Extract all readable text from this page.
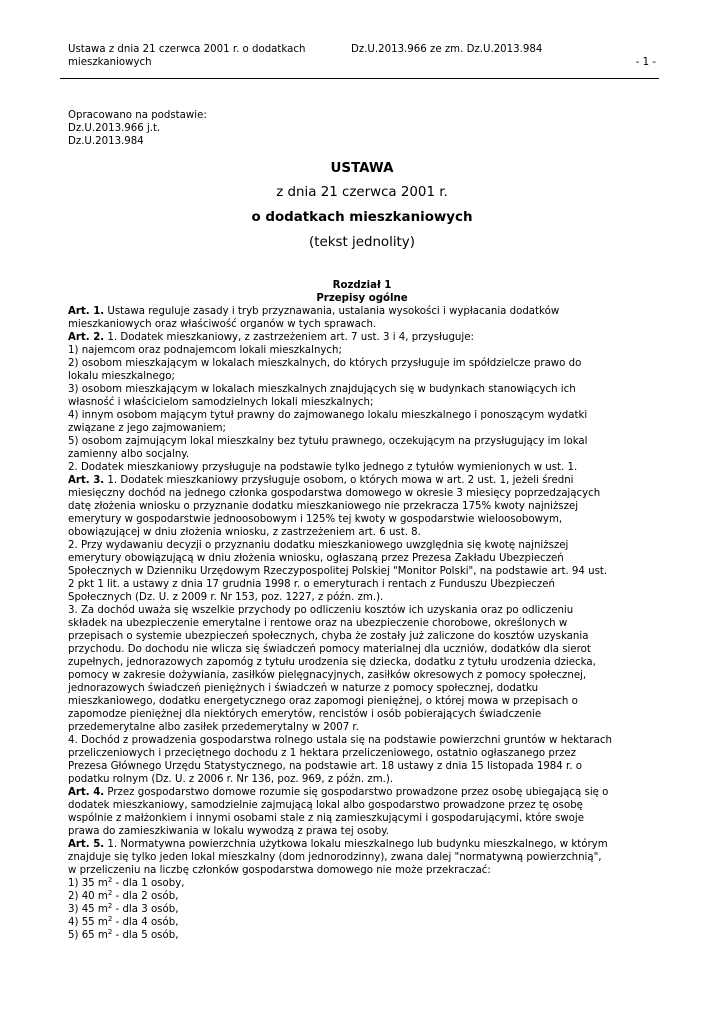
Ustawa z dnia 21 czerwca 2001 r. o dodatkach
mieszkaniowych
Dz.U.2013.966 ze zm. Dz.U.2013.984
- 1 -
Opracowano na podstawie:
Dz.U.2013.966 j.t.
Dz.U.2013.984
USTAWA
z dnia 21 czerwca 2001 r.
o dodatkach mieszkaniowych
(tekst jednolity)
Rozdział 1
Przepisy ogólne
Art. 1. Ustawa reguluje zasady i tryb przyznawania, ustalania wysokości i wypłacania dodatków
mieszkaniowych oraz właściwość organów w tych sprawach.
Art. 2. 1. Dodatek mieszkaniowy, z zastrzeżeniem art. 7 ust. 3 i 4, przysługuje:
1) najemcom oraz podnajemcom lokali mieszkalnych;
2) osobom mieszkającym w lokalach mieszkalnych, do których przysługuje im spółdzielcze prawo do
lokalu mieszkalnego;
3) osobom mieszkającym w lokalach mieszkalnych znajdujących się w budynkach stanowiących ich
własność i właścicielom samodzielnych lokali mieszkalnych;
4) innym osobom mającym tytuł prawny do zajmowanego lokalu mieszkalnego i ponoszącym wydatki
związane z jego zajmowaniem;
5) osobom zajmującym lokal mieszkalny bez tytułu prawnego, oczekującym na przysługujący im lokal
zamienny albo socjalny.
2. Dodatek mieszkaniowy przysługuje na podstawie tylko jednego z tytułów wymienionych w ust. 1.
Art. 3. 1. Dodatek mieszkaniowy przysługuje osobom, o których mowa w art. 2 ust. 1, jeżeli średni
miesięczny dochód na jednego członka gospodarstwa domowego w okresie 3 miesięcy poprzedzających
datę złożenia wniosku o przyznanie dodatku mieszkaniowego nie przekracza 175% kwoty najniższej
emerytury w gospodarstwie jednoosobowym i 125% tej kwoty w gospodarstwie wieloosobowym,
obowiązującej w dniu złożenia wniosku, z zastrzeżeniem art. 6 ust. 8.
2. Przy wydawaniu decyzji o przyznaniu dodatku mieszkaniowego uwzględnia się kwotę najniższej
emerytury obowiązującą w dniu złożenia wniosku, ogłaszaną przez Prezesa Zakładu Ubezpieczeń
Społecznych w Dzienniku Urzędowym Rzeczypospolitej Polskiej "Monitor Polski", na podstawie art. 94 ust.
2 pkt 1 lit. a ustawy z dnia 17 grudnia 1998 r. o emeryturach i rentach z Funduszu Ubezpieczeń
Społecznych (Dz. U. z 2009 r. Nr 153, poz. 1227, z późn. zm.).
3. Za dochód uważa się wszelkie przychody po odliczeniu kosztów ich uzyskania oraz po odliczeniu
składek na ubezpieczenie emerytalne i rentowe oraz na ubezpieczenie chorobowe, określonych w
przepisach o systemie ubezpieczeń społecznych, chyba że zostały już zaliczone do kosztów uzyskania
przychodu. Do dochodu nie wlicza się świadczeń pomocy materialnej dla uczniów, dodatków dla sierot
zupełnych, jednorazowych zapomóg z tytułu urodzenia się dziecka, dodatku z tytułu urodzenia dziecka,
pomocy w zakresie dożywiania, zasiłków pielęgnacyjnych, zasiłków okresowych z pomocy społecznej,
jednorazowych świadczeń pieniężnych i świadczeń w naturze z pomocy społecznej, dodatku
mieszkaniowego, dodatku energetycznego oraz zapomogi pieniężnej, o której mowa w przepisach o
zapomodze pieniężnej dla niektórych emerytów, rencistów i osób pobierających świadczenie
przedemerytalne albo zasiłek przedemerytalny w 2007 r.
4. Dochód z prowadzenia gospodarstwa rolnego ustala się na podstawie powierzchni gruntów w hektarach
przeliczeniowych i przeciętnego dochodu z 1 hektara przeliczeniowego, ostatnio ogłaszanego przez
Prezesa Głównego Urzędu Statystycznego, na podstawie art. 18 ustawy z dnia 15 listopada 1984 r. o
podatku rolnym (Dz. U. z 2006 r. Nr 136, poz. 969, z późn. zm.).
Art. 4. Przez gospodarstwo domowe rozumie się gospodarstwo prowadzone przez osobę ubiegającą się o
dodatek mieszkaniowy, samodzielnie zajmującą lokal albo gospodarstwo prowadzone przez tę osobę
wspólnie z małżonkiem i innymi osobami stale z nią zamieszkującymi i gospodarującymi, które swoje
prawa do zamieszkiwania w lokalu wywodzą z prawa tej osoby.
Art. 5. 1. Normatywna powierzchnia użytkowa lokalu mieszkalnego lub budynku mieszkalnego, w którym
znajduje się tylko jeden lokal mieszkalny (dom jednorodzinny), zwana dalej "normatywną powierzchnią",
w przeliczeniu na liczbę członków gospodarstwa domowego nie może przekraczać:
1) 35 $m^2$ - dla 1 osoby,
2) 40 $m^2$ - dla 2 osób,
3) 45 $m^2$ - dla 3 osób,
4) 55 $m^2$ - dla 4 osób,
5) 65 $m^2$ - dla 5 osób,
